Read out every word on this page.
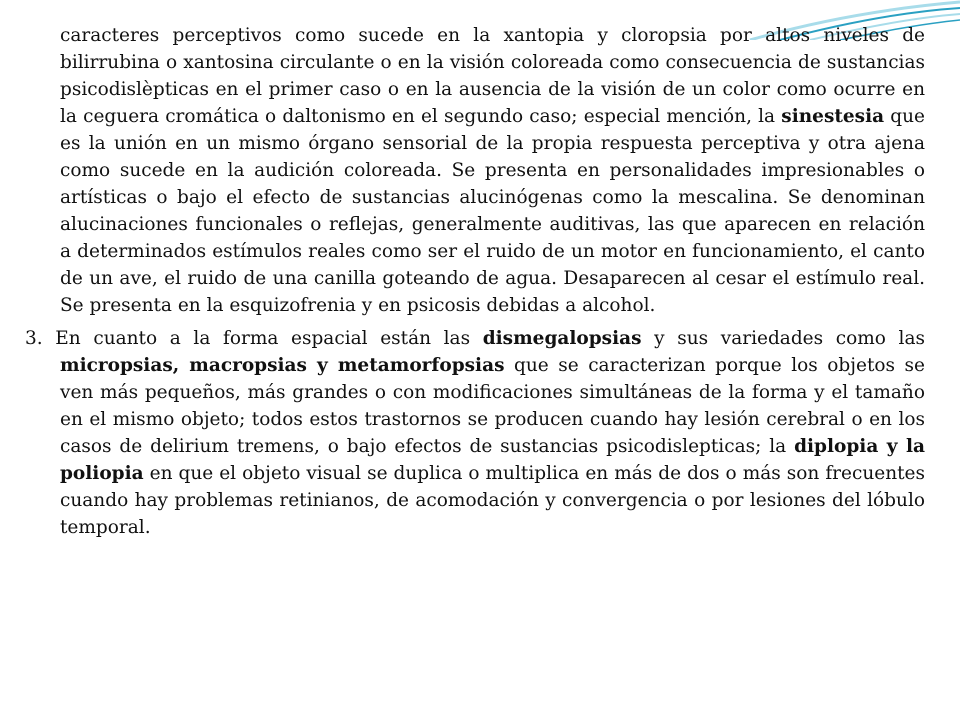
caracteres perceptivos como sucede en la xantopia y cloropsia por altos niveles de bilirrubina o xantosina circulante o en la visión coloreada como consecuencia de sustancias psicodislèpticas en el primer caso o en la ausencia de la visión de un color como ocurre en la ceguera cromática o daltonismo en el segundo caso; especial mención, la sinestesia que es la unión en un mismo órgano sensorial de la propia respuesta perceptiva y otra ajena como sucede en la audición coloreada. Se presenta en personalidades impresionables o artísticas o bajo el efecto de sustancias alucinógenas como la mescalina. Se denominan alucinaciones funcionales o reflejas, generalmente auditivas, las que aparecen en relación a determinados estímulos reales como ser el ruido de un motor en funcionamiento, el canto de un ave, el ruido de una canilla goteando de agua. Desaparecen al cesar el estímulo real. Se presenta en la esquizofrenia y en psicosis debidas a alcohol.

3. En cuanto a la forma espacial están las dismegalopsias y sus variedades como las micropsias, macropsias y metamorfopsias que se caracterizan porque los objetos se ven más pequeños, más grandes o con modificaciones simultáneas de la forma y el tamaño en el mismo objeto; todos estos trastornos se producen cuando hay lesión cerebral o en los casos de delirium tremens, o bajo efectos de sustancias psicodislepticas; la diplopia y la poliopia en que el objeto visual se duplica o multiplica en más de dos o más son frecuentes cuando hay problemas retinianos, de acomodación y convergencia o por lesiones del lóbulo temporal.
